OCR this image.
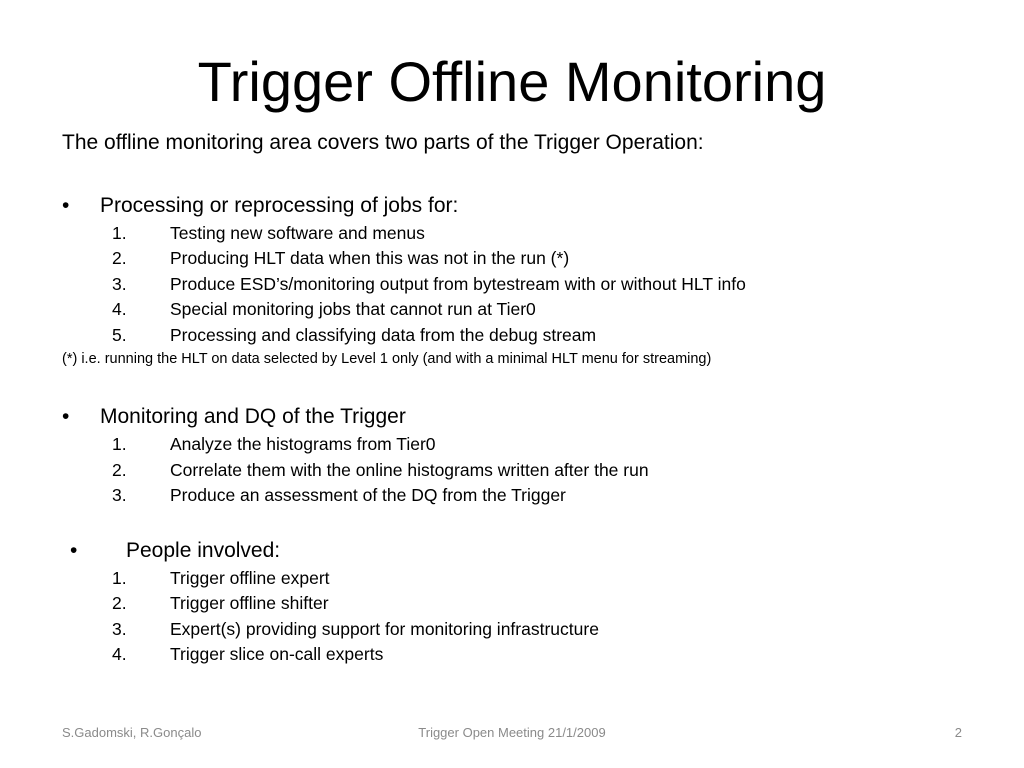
Trigger Offline Monitoring
The offline monitoring area covers two parts of the Trigger Operation:
• Processing or reprocessing of jobs for:
1. Testing new software and menus
2. Producing HLT data when this was not in the run (*)
3. Produce ESD’s/monitoring output from bytestream with or without HLT info
4. Special monitoring jobs that cannot run at Tier0
5. Processing and classifying data from the debug stream
(*) i.e. running the HLT on data selected by Level 1 only (and with a minimal HLT menu for streaming)
• Monitoring and DQ of the Trigger
1. Analyze the histograms from Tier0
2. Correlate them with the online histograms written after the run
3. Produce an assessment of the DQ from the Trigger
• People involved:
1. Trigger offline expert
2. Trigger offline shifter
3. Expert(s) providing support for monitoring infrastructure
4. Trigger slice on-call experts
S.Gadomski, R.Gonçalo	Trigger Open Meeting 21/1/2009	2
